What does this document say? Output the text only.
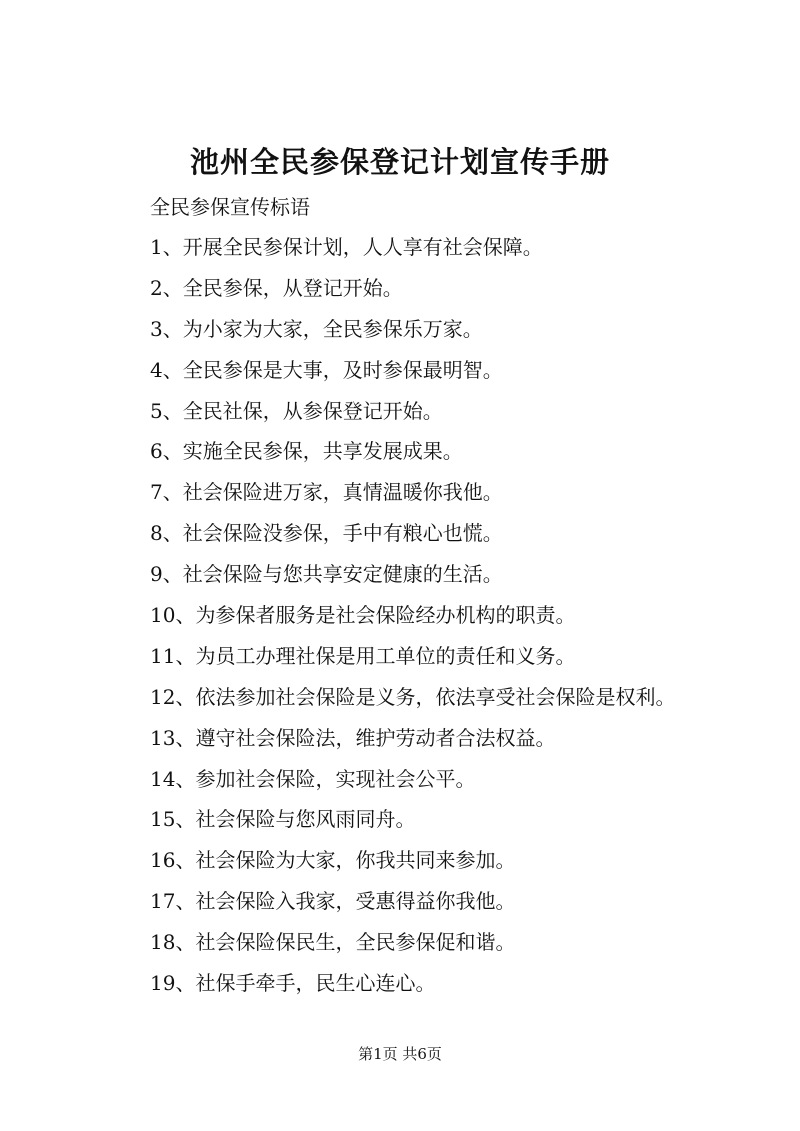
池州全民参保登记计划宣传手册
全民参保宣传标语
1、开展全民参保计划，人人享有社会保障。
2、全民参保，从登记开始。
3、为小家为大家，全民参保乐万家。
4、全民参保是大事，及时参保最明智。
5、全民社保，从参保登记开始。
6、实施全民参保，共享发展成果。
7、社会保险进万家，真情温暖你我他。
8、社会保险没参保，手中有粮心也慌。
9、社会保险与您共享安定健康的生活。
10、为参保者服务是社会保险经办机构的职责。
11、为员工办理社保是用工单位的责任和义务。
12、依法参加社会保险是义务，依法享受社会保险是权利。
13、遵守社会保险法，维护劳动者合法权益。
14、参加社会保险，实现社会公平。
15、社会保险与您风雨同舟。
16、社会保险为大家，你我共同来参加。
17、社会保险入我家，受惠得益你我他。
18、社会保险保民生，全民参保促和谐。
19、社保手牵手，民生心连心。
第1页 共6页
